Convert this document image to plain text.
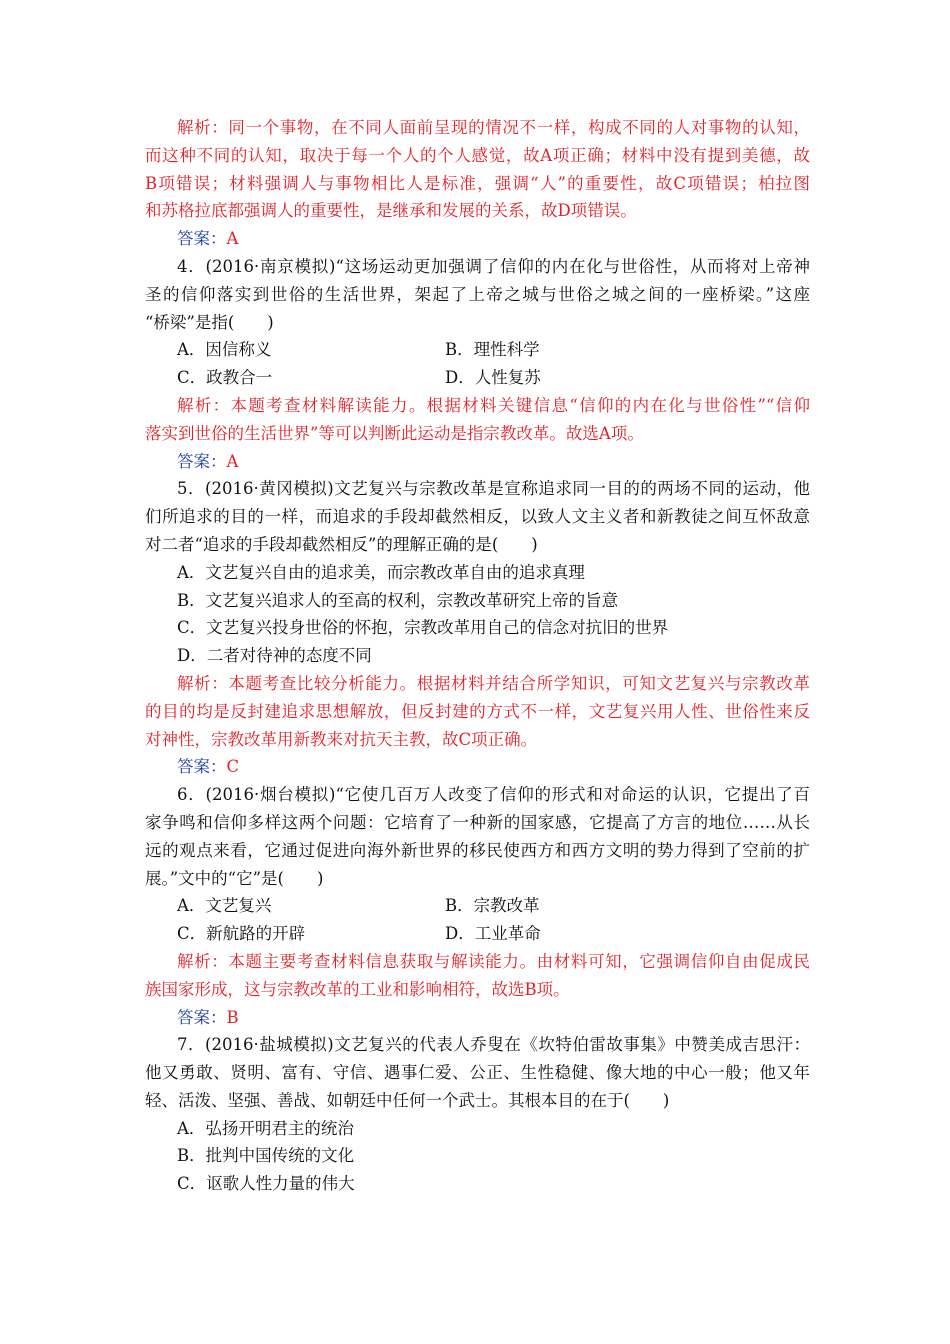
解析：同一个事物，在不同人面前呈现的情况不一样，构成不同的人对事物的认知，
而这种不同的认知，取决于每一个人的个人感觉，故A项正确；材料中没有提到美德，故
B项错误；材料强调人与事物相比人是标准，强调“人”的重要性，故C项错误；柏拉图
和苏格拉底都强调人的重要性，是继承和发展的关系，故D项错误。
答案：A
4．(2016·南京模拟)“这场运动更加强调了信仰的内在化与世俗性，从而将对上帝神
圣的信仰落实到世俗的生活世界，架起了上帝之城与世俗之城之间的一座桥梁。”这座
“桥梁”是指(　　)
A．因信称义	B．理性科学
C．政教合一	D．人性复苏
解析：本题考查材料解读能力。根据材料关键信息“信仰的内在化与世俗性”“信仰
落实到世俗的生活世界”等可以判断此运动是指宗教改革。故选A项。
答案：A
5．(2016·黄冈模拟)文艺复兴与宗教改革是宣称追求同一目的的两场不同的运动，他
们所追求的目的一样，而追求的手段却截然相反，以致人文主义者和新教徒之间互怀敌意
对二者“追求的手段却截然相反”的理解正确的是(　　)
A．文艺复兴自由的追求美，而宗教改革自由的追求真理
B．文艺复兴追求人的至高的权利，宗教改革研究上帝的旨意
C．文艺复兴投身世俗的怀抱，宗教改革用自己的信念对抗旧的世界
D．二者对待神的态度不同
解析：本题考查比较分析能力。根据材料并结合所学知识，可知文艺复兴与宗教改革
的目的均是反封建追求思想解放，但反封建的方式不一样，文艺复兴用人性、世俗性来反
对神性，宗教改革用新教来对抗天主教，故C项正确。
答案：C
6．(2016·烟台模拟)“它使几百万人改变了信仰的形式和对命运的认识，它提出了百
家争鸣和信仰多样这两个问题：它培育了一种新的国家感，它提高了方言的地位……从长
远的观点来看，它通过促进向海外新世界的移民使西方和西方文明的势力得到了空前的扩
展。”文中的“它”是(　　)
A．文艺复兴	B．宗教改革
C．新航路的开辟	D．工业革命
解析：本题主要考查材料信息获取与解读能力。由材料可知，它强调信仰自由促成民
族国家形成，这与宗教改革的工业和影响相符，故选B项。
答案：B
7．(2016·盐城模拟)文艺复兴的代表人乔叟在《坎特伯雷故事集》中赞美成吉思汗：
他又勇敢、贤明、富有、守信、遇事仁爱、公正、生性稳健、像大地的中心一般；他又年
轻、活泼、坚强、善战、如朝廷中任何一个武士。其根本目的在于(　　)
A．弘扬开明君主的统治
B．批判中国传统的文化
C．讴歌人性力量的伟大
